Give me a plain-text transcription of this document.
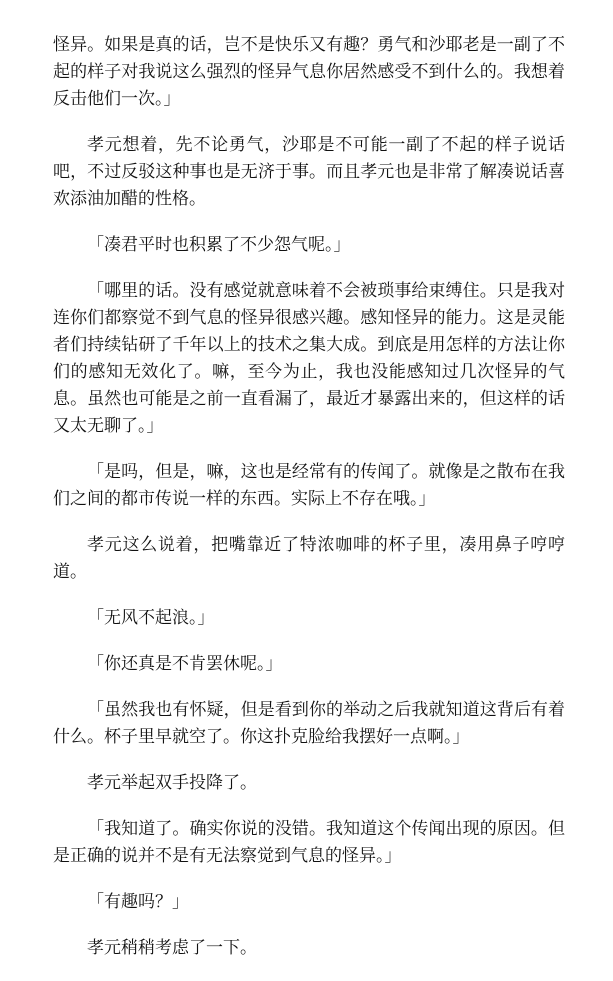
怪异。如果是真的话，岂不是快乐又有趣？勇气和沙耶老是一副了不起的样子对我说这么强烈的怪异气息你居然感受不到什么的。我想着反击他们一次。」

孝元想着，先不论勇气，沙耶是不可能一副了不起的样子说话吧，不过反驳这种事也是无济于事。而且孝元也是非常了解凑说话喜欢添油加醋的性格。

「凑君平时也积累了不少怨气呢。」

「哪里的话。没有感觉就意味着不会被琐事给束缚住。只是我对连你们都察觉不到气息的怪异很感兴趣。感知怪异的能力。这是灵能者们持续钻研了千年以上的技术之集大成。到底是用怎样的方法让你们的感知无效化了。嘛，至今为止，我也没能感知过几次怪异的气息。虽然也可能是之前一直看漏了，最近才暴露出来的，但这样的话又太无聊了。」

「是吗，但是，嘛，这也是经常有的传闻了。就像是之散布在我们之间的都市传说一样的东西。实际上不存在哦。」

孝元这么说着，把嘴靠近了特浓咖啡的杯子里，凑用鼻子哼哼道。

「无风不起浪。」

「你还真是不肯罢休呢。」

「虽然我也有怀疑，但是看到你的举动之后我就知道这背后有着什么。杯子里早就空了。你这扑克脸给我摆好一点啊。」

孝元举起双手投降了。

「我知道了。确实你说的没错。我知道这个传闻出现的原因。但是正确的说并不是有无法察觉到气息的怪异。」

「有趣吗？」

孝元稍稍考虑了一下。
